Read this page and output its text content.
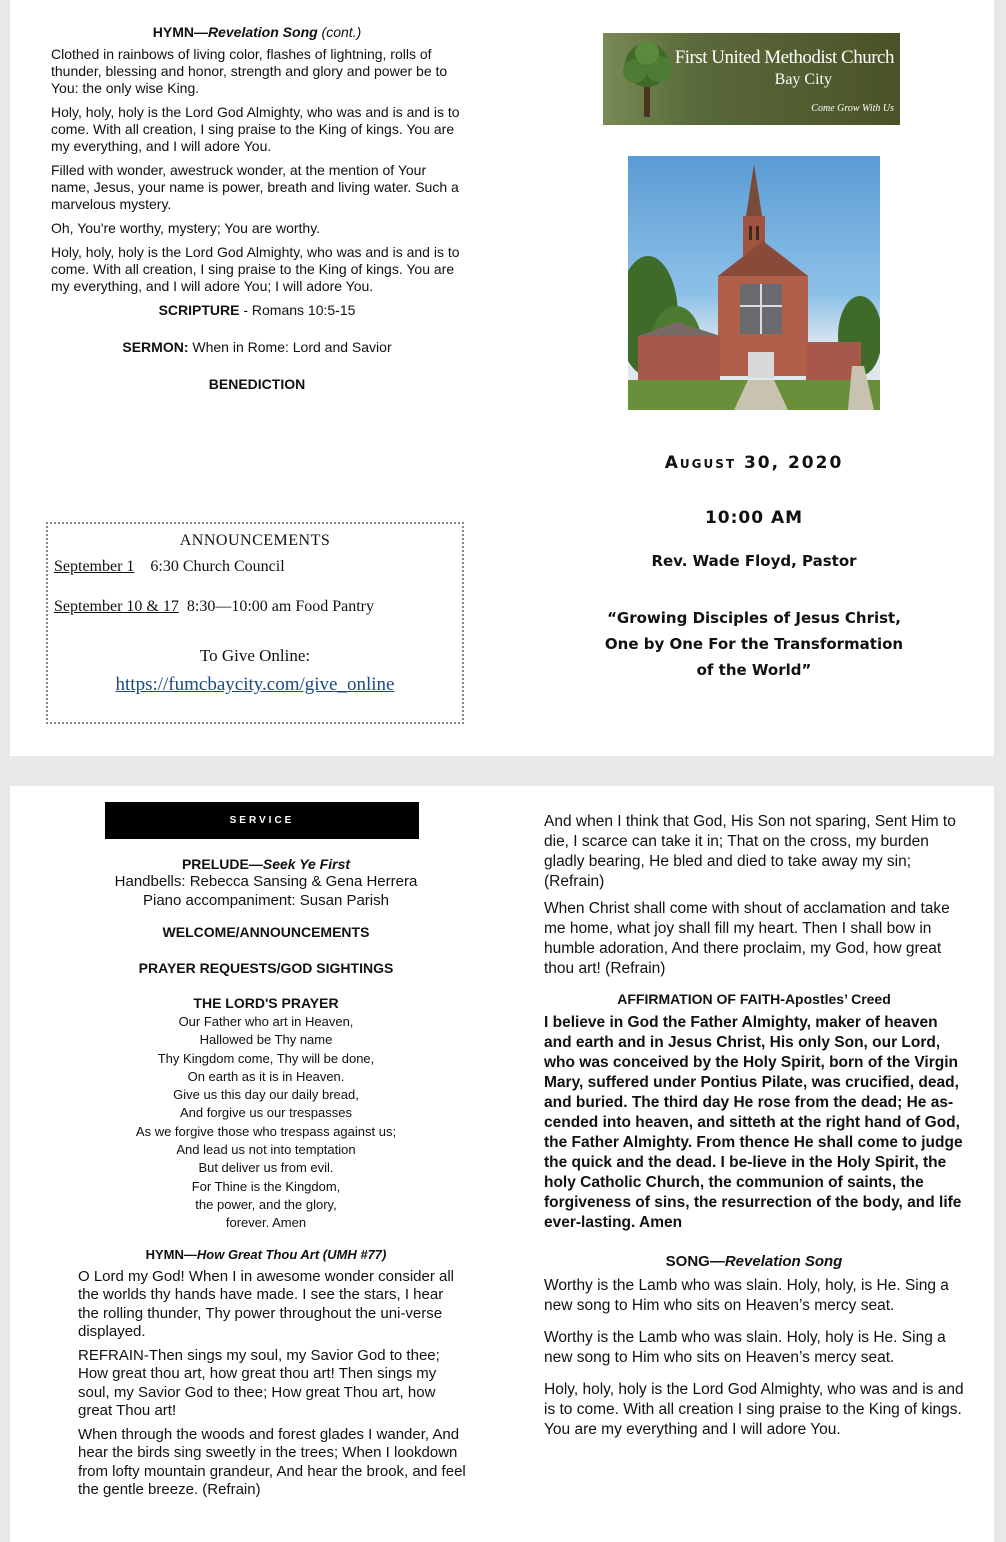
HYMN—Revelation Song (cont.)

Clothed in rainbows of living color, flashes of lightning, rolls of thunder, blessing and honor, strength and glory and power be to You: the only wise King.

Holy, holy, holy is the Lord God Almighty, who was and is and is to come. With all creation, I sing praise to the King of kings. You are my everything, and I will adore You.

Filled with wonder, awestruck wonder, at the mention of Your name, Jesus, your name is power, breath and living water. Such a marvelous mystery.

Oh, You're worthy, mystery; You are worthy.

Holy, holy, holy is the Lord God Almighty, who was and is and is to come. With all creation, I sing praise to the King of kings. You are my everything, and I will adore You; I will adore You.

SCRIPTURE - Romans 10:5-15

SERMON: When in Rome: Lord and Savior

BENEDICTION

ANNOUNCEMENTS
September 1 6:30 Church Council
September 10 & 17 8:30—10:00 am Food Pantry
To Give Online:
https://fumcbaycity.com/give_online
First United Methodist Church
Bay City
Come Grow With Us
August 30, 2020
10:00 AM
Rev. Wade Floyd, Pastor
“Growing Disciples of Jesus Christ,
One by One For the Transformation
of the World”
SERVICE
PRELUDE—Seek Ye First

Handbells: Rebecca Sansing & Gena Herrera

Piano accompaniment: Susan Parish

WELCOME/ANNOUNCEMENTS
PRAYER REQUESTS/GOD SIGHTINGS
THE LORD'S PRAYER

Our Father who art in Heaven,

Hallowed be Thy name

Thy Kingdom come, Thy will be done,

On earth as it is in Heaven.

Give us this day our daily bread,

And forgive us our trespasses

As we forgive those who trespass against us;

And lead us not into temptation

But deliver us from evil.

For Thine is the Kingdom,

the power, and the glory,

forever. Amen

HYMN—How Great Thou Art (UMH #77)

O Lord my God! When I in awesome wonder consider all the worlds thy hands have made. I see the stars, I hear the rolling thunder, Thy power throughout the uni-verse displayed.

REFRAIN-Then sings my soul, my Savior God to thee; How great thou art, how great thou art! Then sings my soul, my Savior God to thee; How great Thou art, how great Thou art!

When through the woods and forest glades I wander, And hear the birds sing sweetly in the trees; When I lookdown from lofty mountain grandeur, And hear the brook, and feel the gentle breeze. (Refrain)

And when I think that God, His Son not sparing, Sent Him to die, I scarce can take it in; That on the cross, my burden gladly bearing, He bled and died to take away my sin; (Refrain)

When Christ shall come with shout of acclamation and take me home, what joy shall fill my heart. Then I shall bow in humble adoration, And there proclaim, my God, how great thou art! (Refrain)

AFFIRMATION OF FAITH-Apostles’ Creed

I believe in God the Father Almighty, maker of heaven and earth and in Jesus Christ, His only Son, our Lord, who was conceived by the Holy Spirit, born of the Virgin Mary, suffered under Pontius Pilate, was crucified, dead, and buried. The third day He rose from the dead; He as-cended into heaven, and sitteth at the right hand of God, the Father Almighty. From thence He shall come to judge the quick and the dead. I be-lieve in the Holy Spirit, the holy Catholic Church, the communion of saints, the forgiveness of sins, the resurrection of the body, and life ever-lasting. Amen

SONG—Revelation Song

Worthy is the Lamb who was slain. Holy, holy, is He. Sing a new song to Him who sits on Heaven’s mercy seat.

Worthy is the Lamb who was slain. Holy, holy is He. Sing a new song to Him who sits on Heaven’s mercy seat.

Holy, holy, holy is the Lord God Almighty, who was and is and is to come. With all creation I sing praise to the King of kings. You are my everything and I will adore You.
